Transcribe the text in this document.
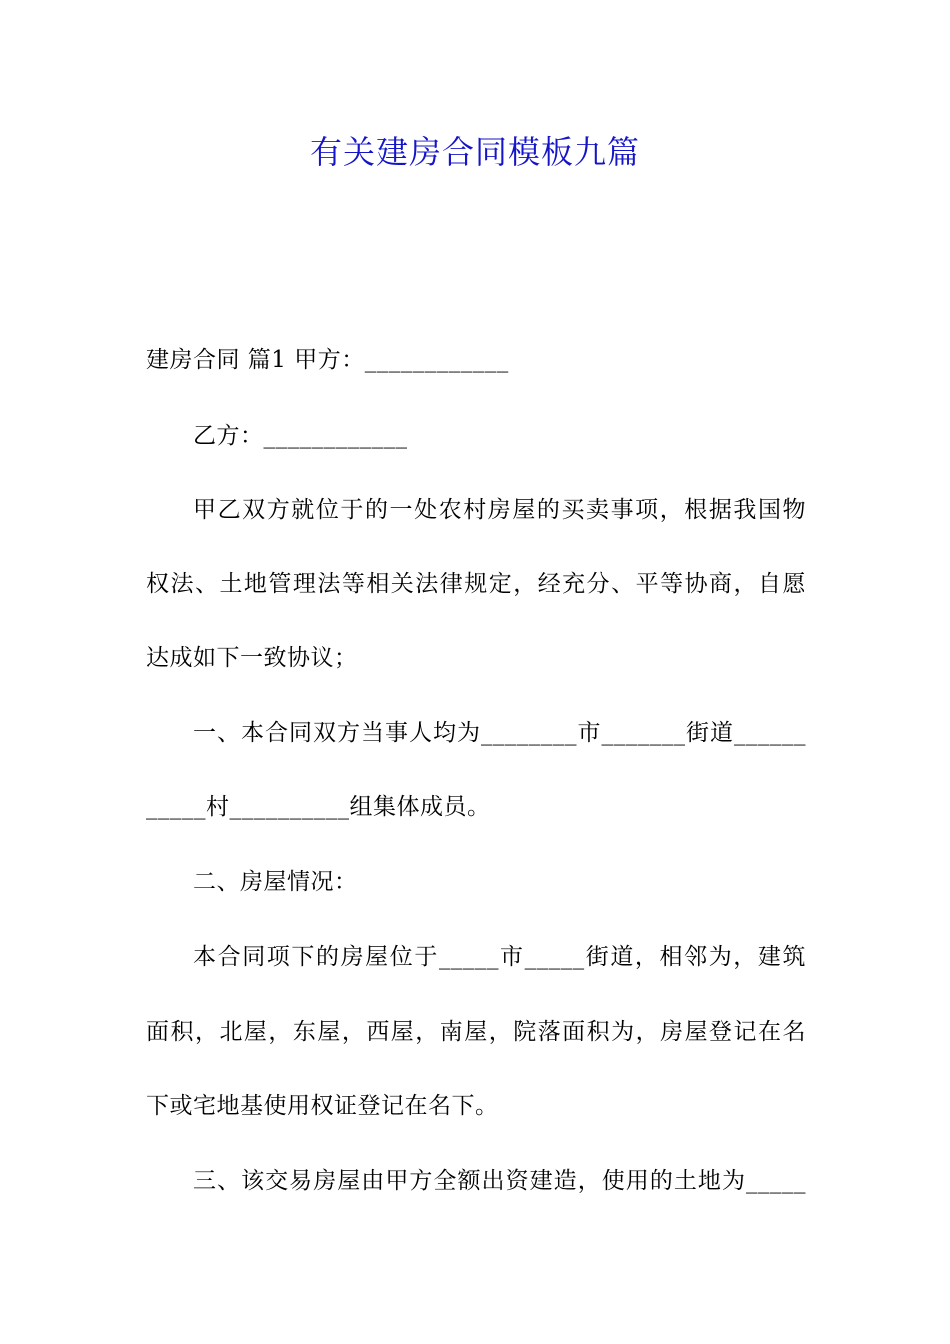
有关建房合同模板九篇
建房合同 篇1 甲方：____________
乙方：____________
甲乙双方就位于的一处农村房屋的买卖事项，根据我国物
权法、土地管理法等相关法律规定，经充分、平等协商，自愿
达成如下一致协议；
一、本合同双方当事人均为________市_______街道______
_____村__________组集体成员。
二、房屋情况：
本合同项下的房屋位于_____市_____街道，相邻为，建筑
面积，北屋，东屋，西屋，南屋，院落面积为，房屋登记在名
下或宅地基使用权证登记在名下。
三、该交易房屋由甲方全额出资建造，使用的土地为_____
